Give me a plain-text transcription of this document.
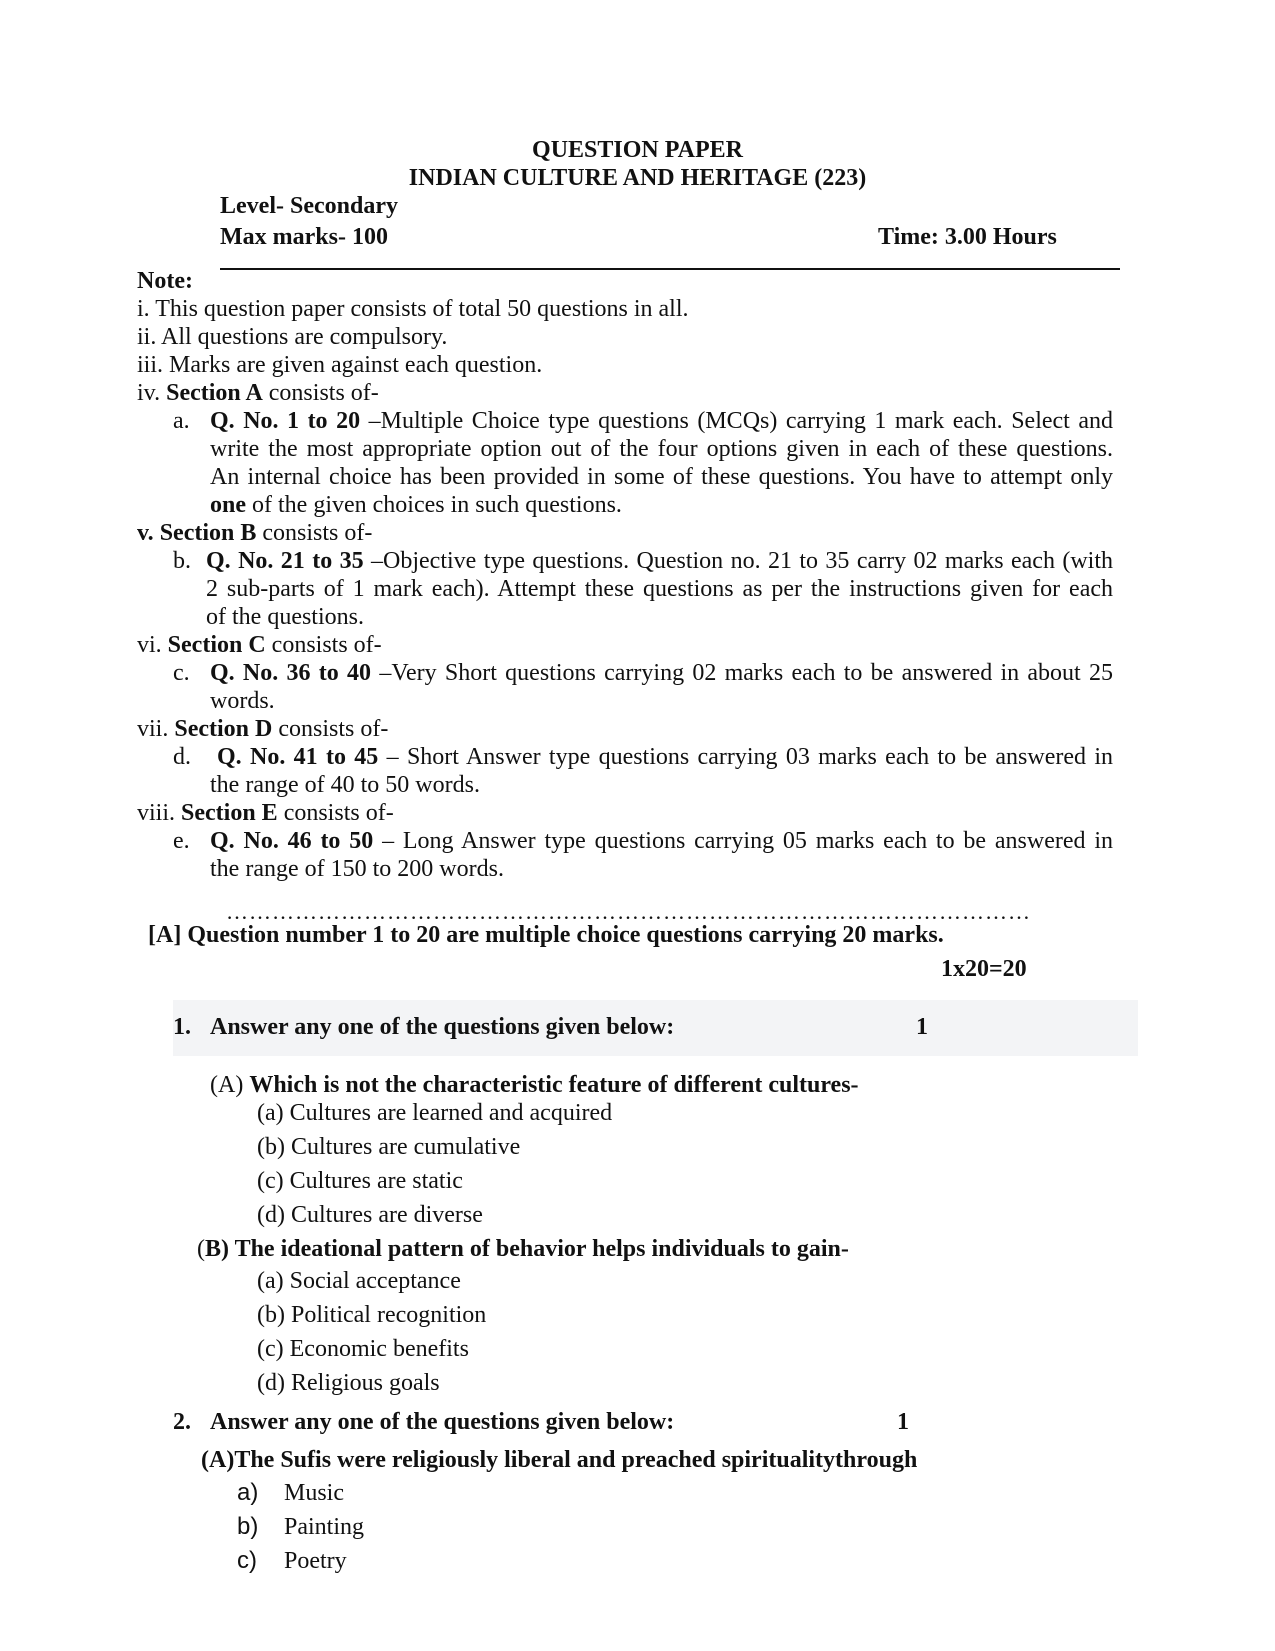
QUESTION PAPER
INDIAN CULTURE AND HERITAGE (223)
Level- Secondary
Max marks- 100	Time: 3.00 Hours
Note:
i. This question paper consists of total 50 questions in all.
ii. All questions are compulsory.
iii. Marks are given against each question.
iv. Section A consists of-
a. Q. No. 1 to 20 –Multiple Choice type questions (MCQs) carrying 1 mark each. Select and
write the most appropriate option out of the four options given in each of these questions.
An internal choice has been provided in some of these questions. You have to attempt only
one of the given choices in such questions.
v. Section B consists of-
b. Q. No. 21 to 35 –Objective type questions. Question no. 21 to 35 carry 02 marks each (with
2 sub-parts of 1 mark each). Attempt these questions as per the instructions given for each
of the questions.
vi. Section C consists of-
c. Q. No. 36 to 40 –Very Short questions carrying 02 marks each to be answered in about 25
words.
vii. Section D consists of-
d. Q. No. 41 to 45 – Short Answer type questions carrying 03 marks each to be answered in
the range of 40 to 50 words.
viii. Section E consists of-
e. Q. No. 46 to 50 – Long Answer type questions carrying 05 marks each to be answered in
the range of 150 to 200 words.
……………………………………………………………………………………………
[A] Question number 1 to 20 are multiple choice questions carrying 20 marks.
1x20=20
1. Answer any one of the questions given below:	1
(A) Which is not the characteristic feature of different cultures-
(a) Cultures are learned and acquired
(b) Cultures are cumulative
(c) Cultures are static
(d) Cultures are diverse
(B) The ideational pattern of behavior helps individuals to gain-
(a) Social acceptance
(b) Political recognition
(c) Economic benefits
(d) Religious goals
2. Answer any one of the questions given below:	1
(A)The Sufis were religiously liberal and preached spiritualitythrough
a) Music
b) Painting
c) Poetry
